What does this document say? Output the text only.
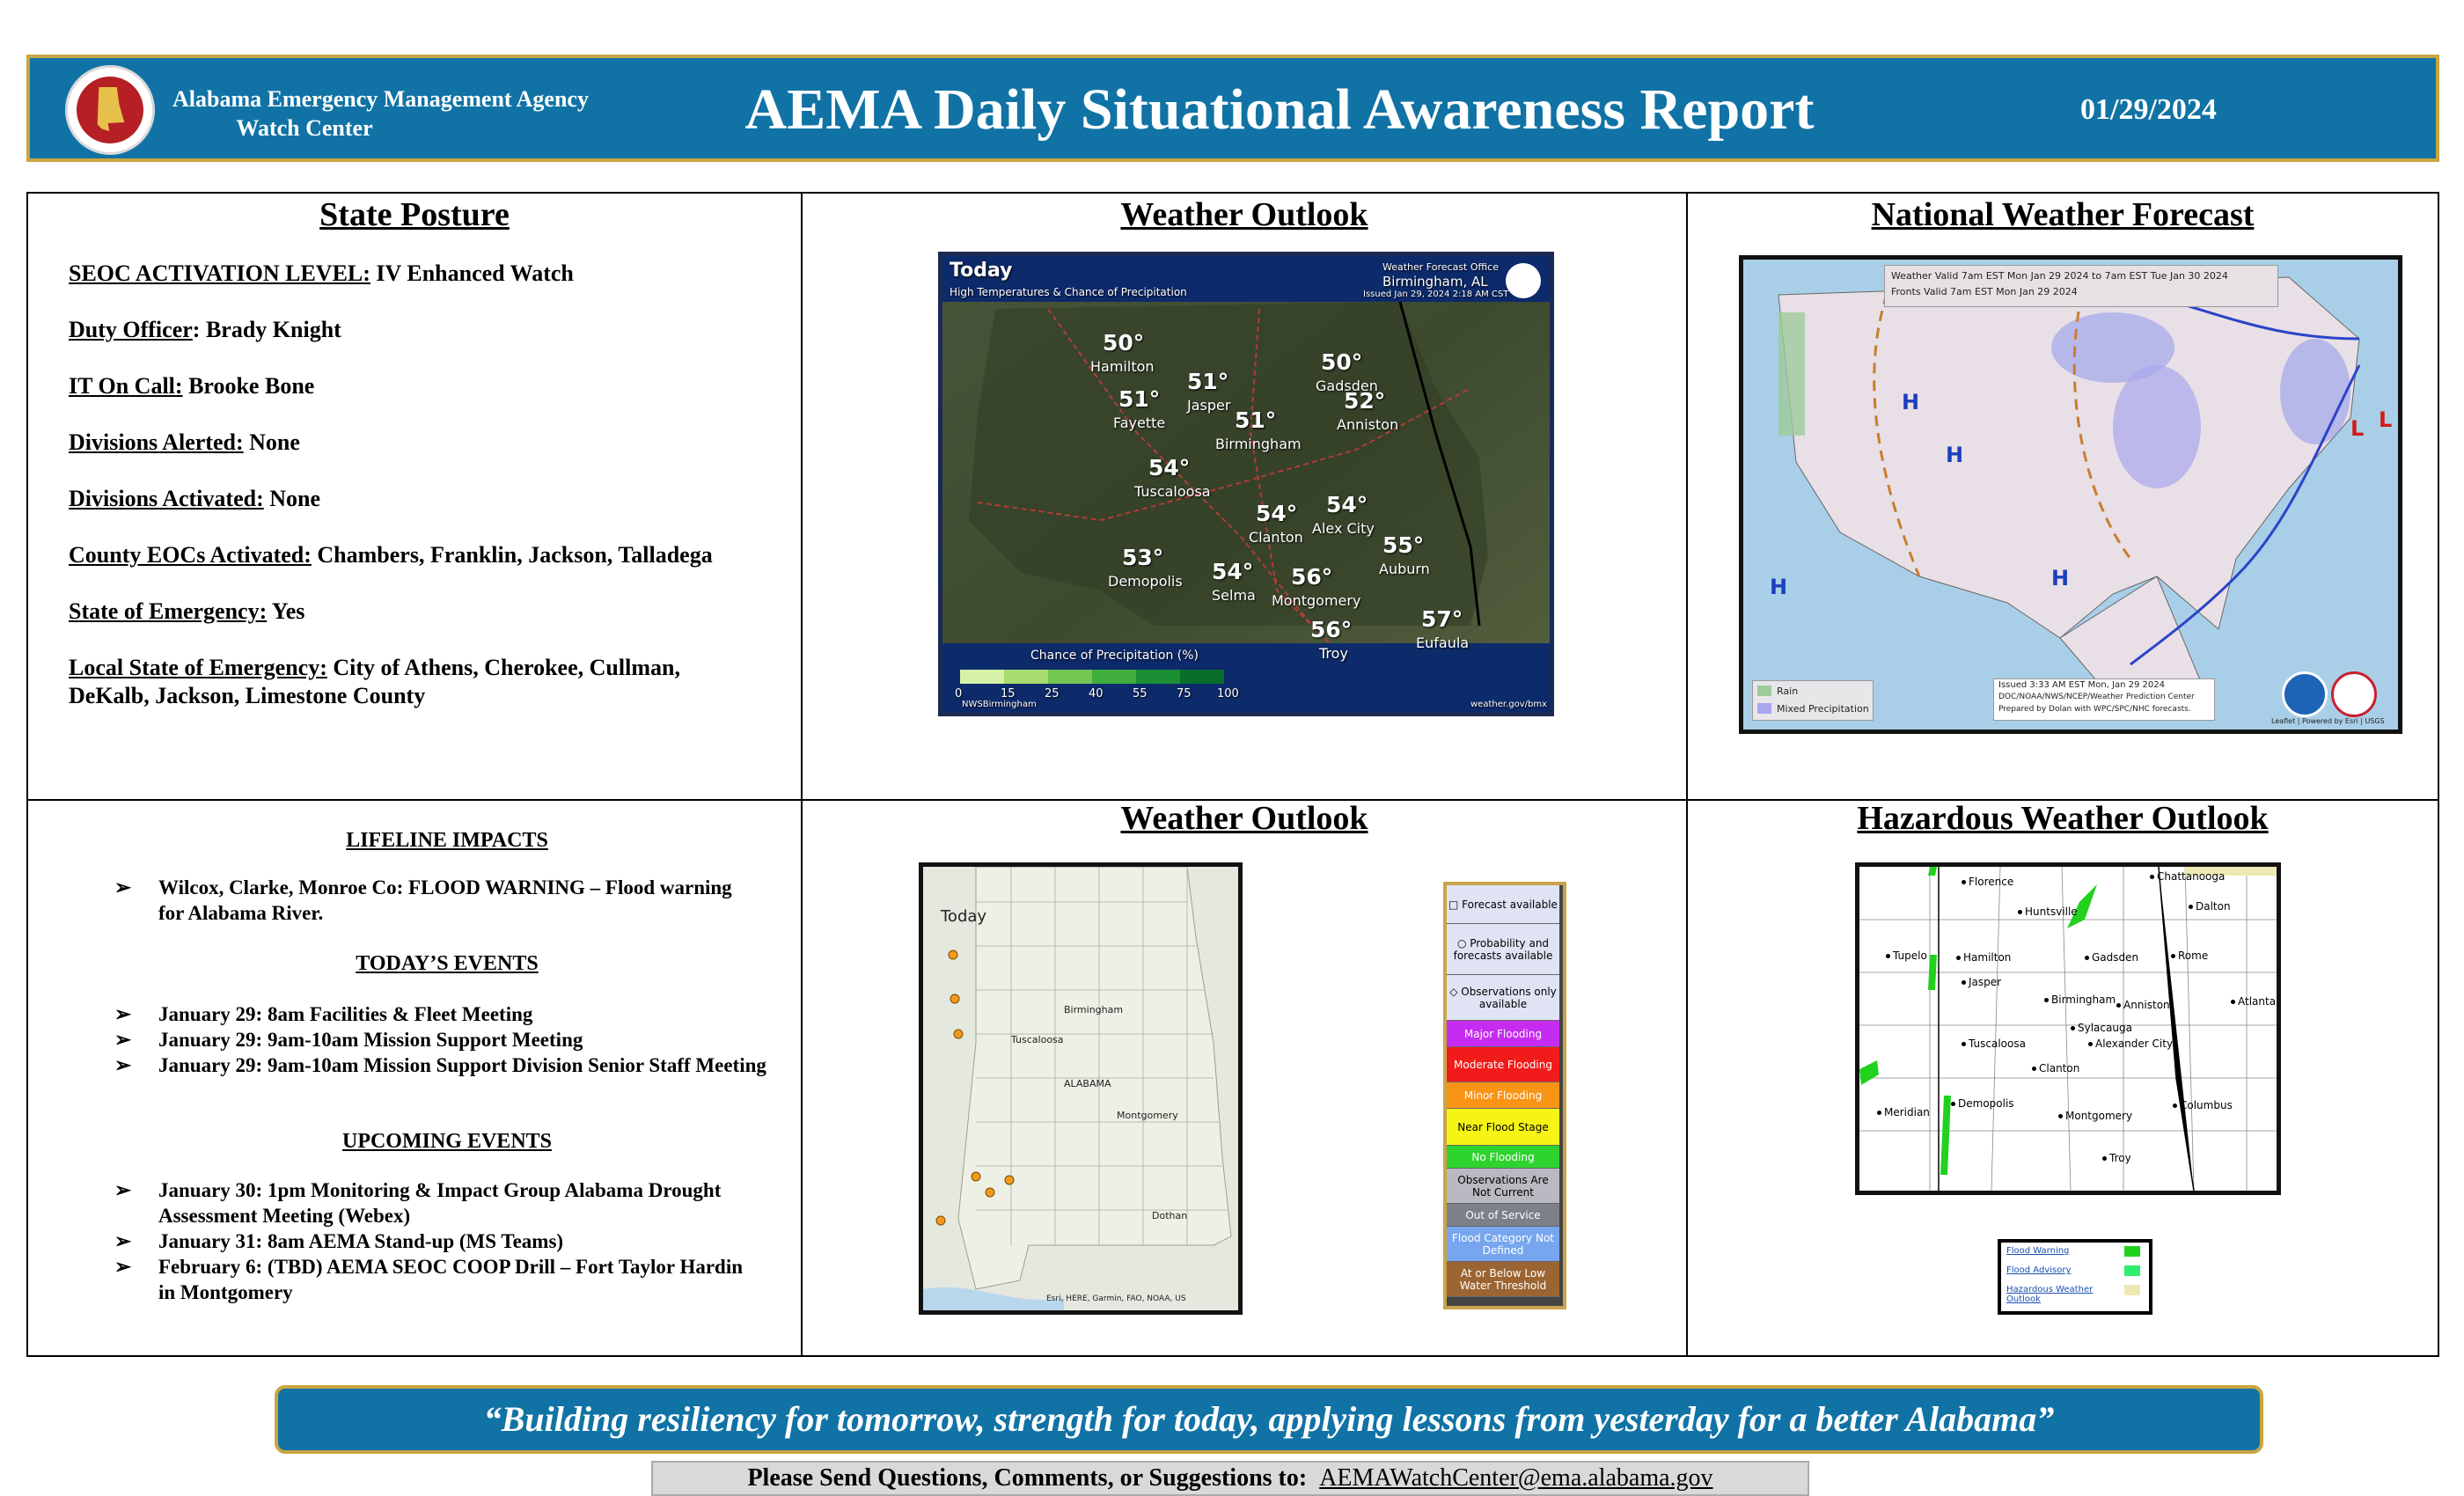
Alabama Emergency Management Agency
Watch Center	AEMA Daily Situational Awareness Report	01/29/2024
State Posture
SEOC ACTIVATION LEVEL: IV Enhanced Watch
Duty Officer: Brady Knight
IT On Call: Brooke Bone
Divisions Alerted: None
Divisions Activated: None
County EOCs Activated: Chambers, Franklin, Jackson, Talladega
State of Emergency: Yes
Local State of Emergency: City of Athens, Cherokee, Cullman,
DeKalb, Jackson, Limestone County
Weather Outlook
Today
High Temperatures & Chance of Precipitation
Weather Forecast Office
Birmingham, AL
Issued Jan 29, 2024 2:18 AM CST
50°
Hamilton
51°
Fayette
51°
Jasper
50°
Gadsden
52°
Anniston
51°
Birmingham
54°
Tuscaloosa
54°
Alex City
54°
Clanton	55°
Auburn
53°
Demopolis 54°
Selma
56°
Montgomery
57°
Eufaula
56°
Troy
Chance of Precipitation (%)
0	15	25	40	55	75 100
NWSBirmingham	weather.gov/bmx
National Weather Forecast
H
H
H	H
L L
Weather Valid 7am EST Mon Jan 29 2024 to 7am EST Tue Jan 30 2024
Fronts Valid 7am EST Mon Jan 29 2024
Rain
Mixed Precipitation
Issued 3:33 AM EST Mon, Jan 29 2024
DOC/NOAA/NWS/NCEP/Weather Prediction Center
Prepared by Dolan with WPC/SPC/NHC forecasts.
Leaflet | Powered by Esri | USGS
LIFELINE IMPACTS
➢ Wilcox, Clarke, Monroe Co: FLOOD WARNING – Flood warning
for Alabama River.
TODAY’S EVENTS
➢ January 29: 8am Facilities & Fleet Meeting
➢ January 29: 9am-10am Mission Support Meeting
➢ January 29: 9am-10am Mission Support Division Senior Staff Meeting
UPCOMING EVENTS
➢ January 30: 1pm Monitoring & Impact Group Alabama Drought
Assessment Meeting (Webex)
➢ January 31: 8am AEMA Stand-up (MS Teams)
➢ February 6: (TBD) AEMA SEOC COOP Drill – Fort Taylor Hardin
in Montgomery
Weather Outlook
Today
Birmingham
Tuscaloosa
ALABAMA
Montgomery
Dothan
Esri, HERE, Garmin, FAO, NOAA, US
□ Forecast available
○ Probability and forecasts available
◇ Observations only available
Major Flooding
Moderate Flooding
Minor Flooding
Near Flood Stage
No Flooding
Observations Are Not Current
Out of Service
Flood Category Not Defined
At or Below Low Water Threshold
Hazardous Weather Outlook
Florence	Chattanooga
Dalton
Huntsville
Tupelo	Hamilton	Gadsden	Rome
Jasper
Birmingham Anniston	Atlanta
Sylacauga
Tuscaloosa	Alexander City
Clanton
Meridian
Demopolis	Columbus
Montgomery
Troy
Flood Warning
Flood Advisory
Hazardous Weather Outlook
“Building resiliency for tomorrow, strength for today, applying lessons from yesterday for a better Alabama”
Please Send Questions, Comments, or Suggestions to: AEMAWatchCenter@ema.alabama.gov
